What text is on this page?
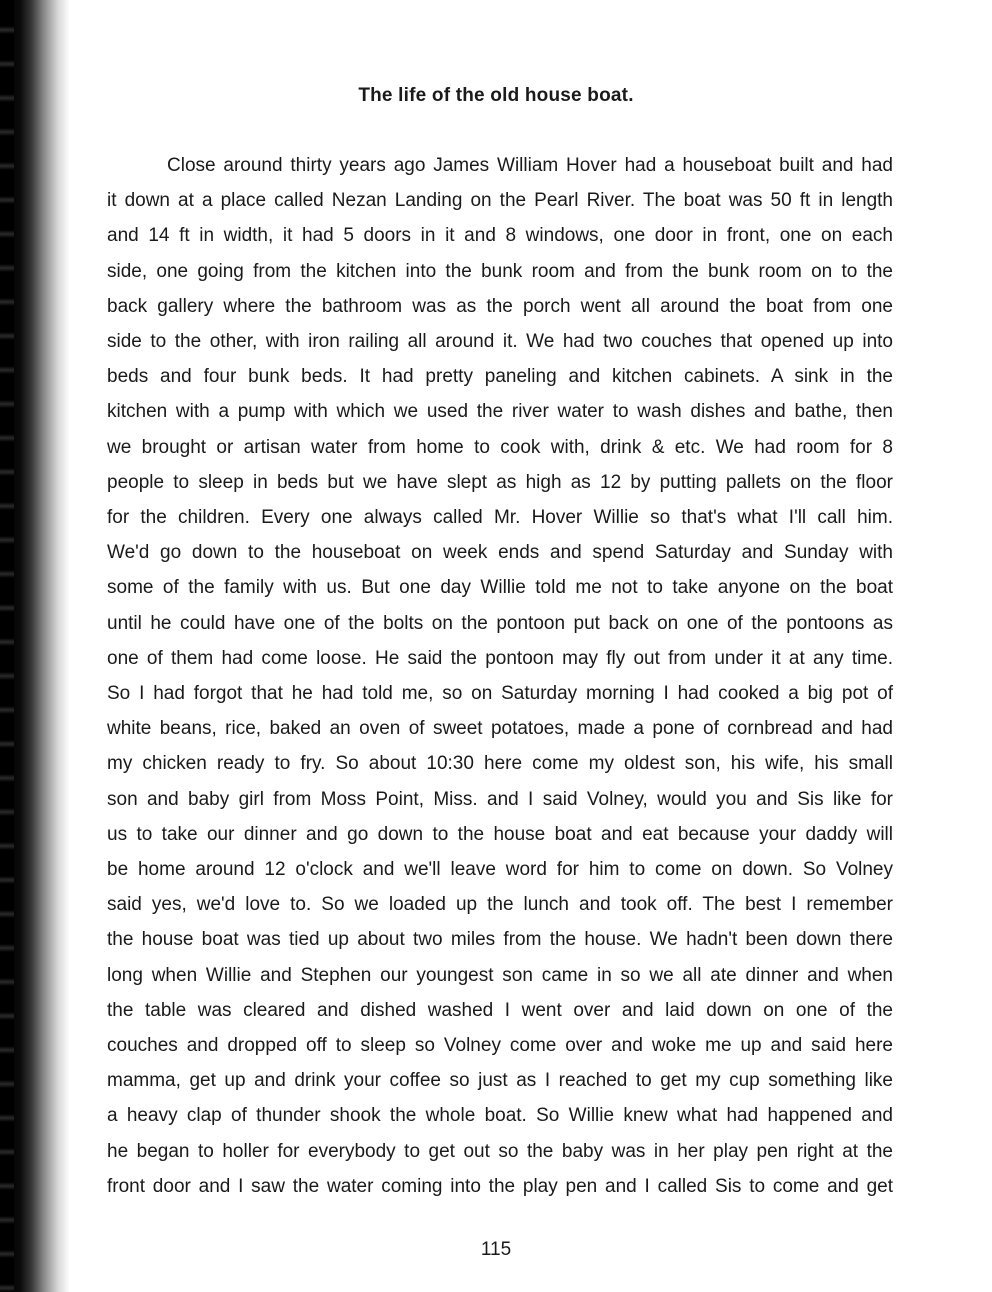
The life of the old house boat.
Close around thirty years ago James William Hover had a houseboat built and had
it down at a place called Nezan Landing on the Pearl River. The boat was 50 ft in length
and 14 ft in width, it had 5 doors in it and 8 windows, one door in front, one on each
side, one going from the kitchen into the bunk room and from the bunk room on to the
back gallery where the bathroom was as the porch went all around the boat from one
side to the other, with iron railing all around it. We had two couches that opened up into
beds and four bunk beds. It had pretty paneling and kitchen cabinets. A sink in the
kitchen with a pump with which we used the river water to wash dishes and bathe, then
we brought or artisan water from home to cook with, drink & etc. We had room for 8
people to sleep in beds but we have slept as high as 12 by putting pallets on the floor
for the children. Every one always called Mr. Hover Willie so that's what I'll call him.
We'd go down to the houseboat on week ends and spend Saturday and Sunday with
some of the family with us. But one day Willie told me not to take anyone on the boat
until he could have one of the bolts on the pontoon put back on one of the pontoons as
one of them had come loose. He said the pontoon may fly out from under it at any time.
So I had forgot that he had told me, so on Saturday morning I had cooked a big pot of
white beans, rice, baked an oven of sweet potatoes, made a pone of cornbread and had
my chicken ready to fry. So about 10:30 here come my oldest son, his wife, his small
son and baby girl from Moss Point, Miss. and I said Volney, would you and Sis like for
us to take our dinner and go down to the house boat and eat because your daddy will
be home around 12 o'clock and we'll leave word for him to come on down. So Volney
said yes, we'd love to. So we loaded up the lunch and took off. The best I remember
the house boat was tied up about two miles from the house. We hadn't been down there
long when Willie and Stephen our youngest son came in so we all ate dinner and when
the table was cleared and dished washed I went over and laid down on one of the
couches and dropped off to sleep so Volney come over and woke me up and said here
mamma, get up and drink your coffee so just as I reached to get my cup something like
a heavy clap of thunder shook the whole boat. So Willie knew what had happened and
he began to holler for everybody to get out so the baby was in her play pen right at the
front door and I saw the water coming into the play pen and I called Sis to come and get
115
